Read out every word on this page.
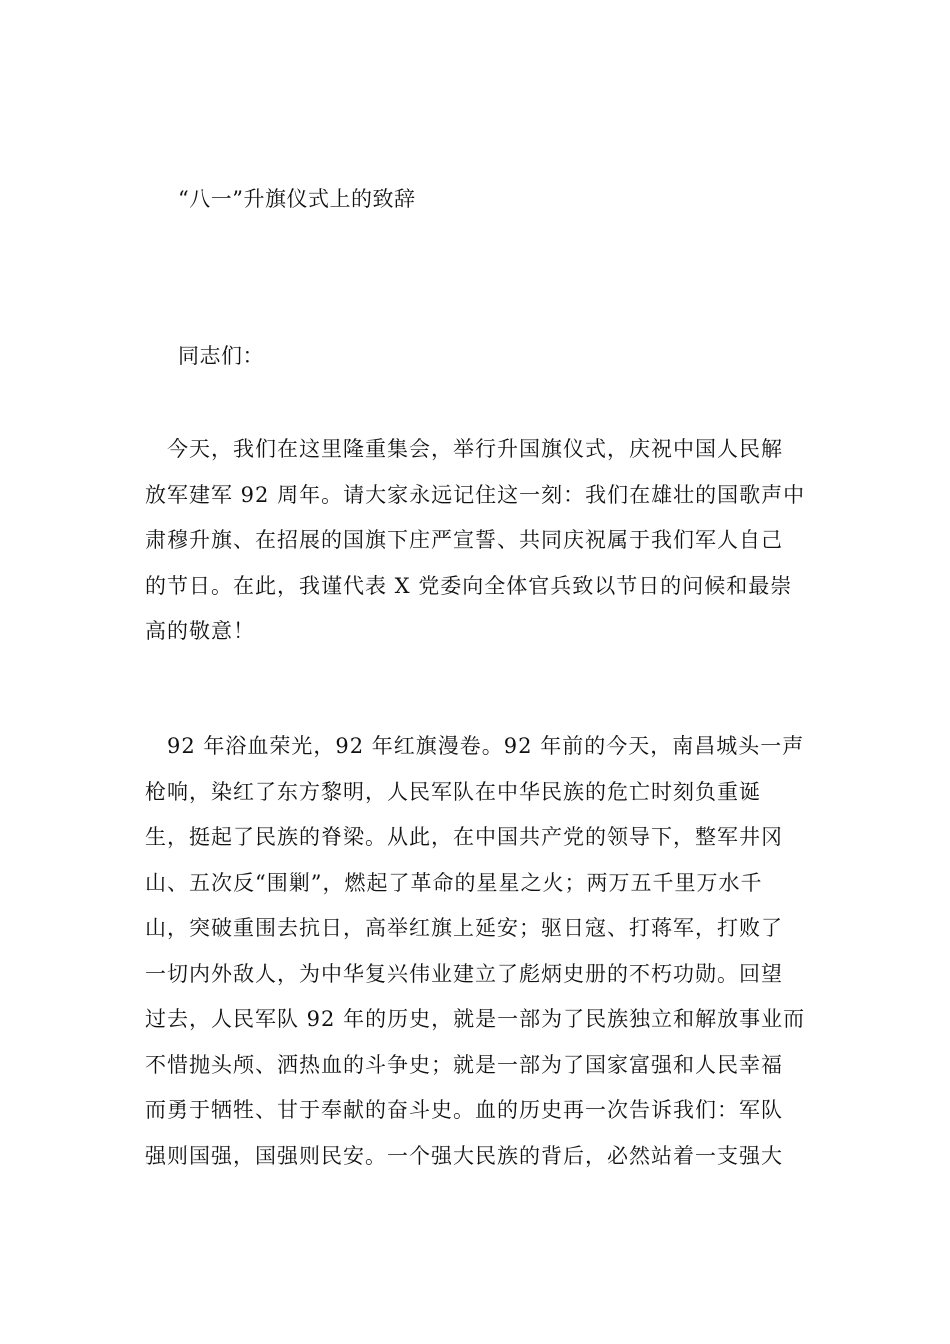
“八一”升旗仪式上的致辞
同志们：
　今天，我们在这里隆重集会，举行升国旗仪式，庆祝中国人民解
放军建军 92 周年。请大家永远记住这一刻：我们在雄壮的国歌声中
肃穆升旗、在招展的国旗下庄严宣誓、共同庆祝属于我们军人自己
的节日。在此，我谨代表 X 党委向全体官兵致以节日的问候和最崇
高的敬意！
　92 年浴血荣光，92 年红旗漫卷。92 年前的今天，南昌城头一声
枪响，染红了东方黎明，人民军队在中华民族的危亡时刻负重诞
生，挺起了民族的脊梁。从此，在中国共产党的领导下，整军井冈
山、五次反“围剿”，燃起了革命的星星之火；两万五千里万水千
山，突破重围去抗日，高举红旗上延安；驱日寇、打蒋军，打败了
一切内外敌人，为中华复兴伟业建立了彪炳史册的不朽功勋。回望
过去，人民军队 92 年的历史，就是一部为了民族独立和解放事业而
不惜抛头颅、洒热血的斗争史；就是一部为了国家富强和人民幸福
而勇于牺牲、甘于奉献的奋斗史。血的历史再一次告诉我们：军队
强则国强，国强则民安。一个强大民族的背后，必然站着一支强大
